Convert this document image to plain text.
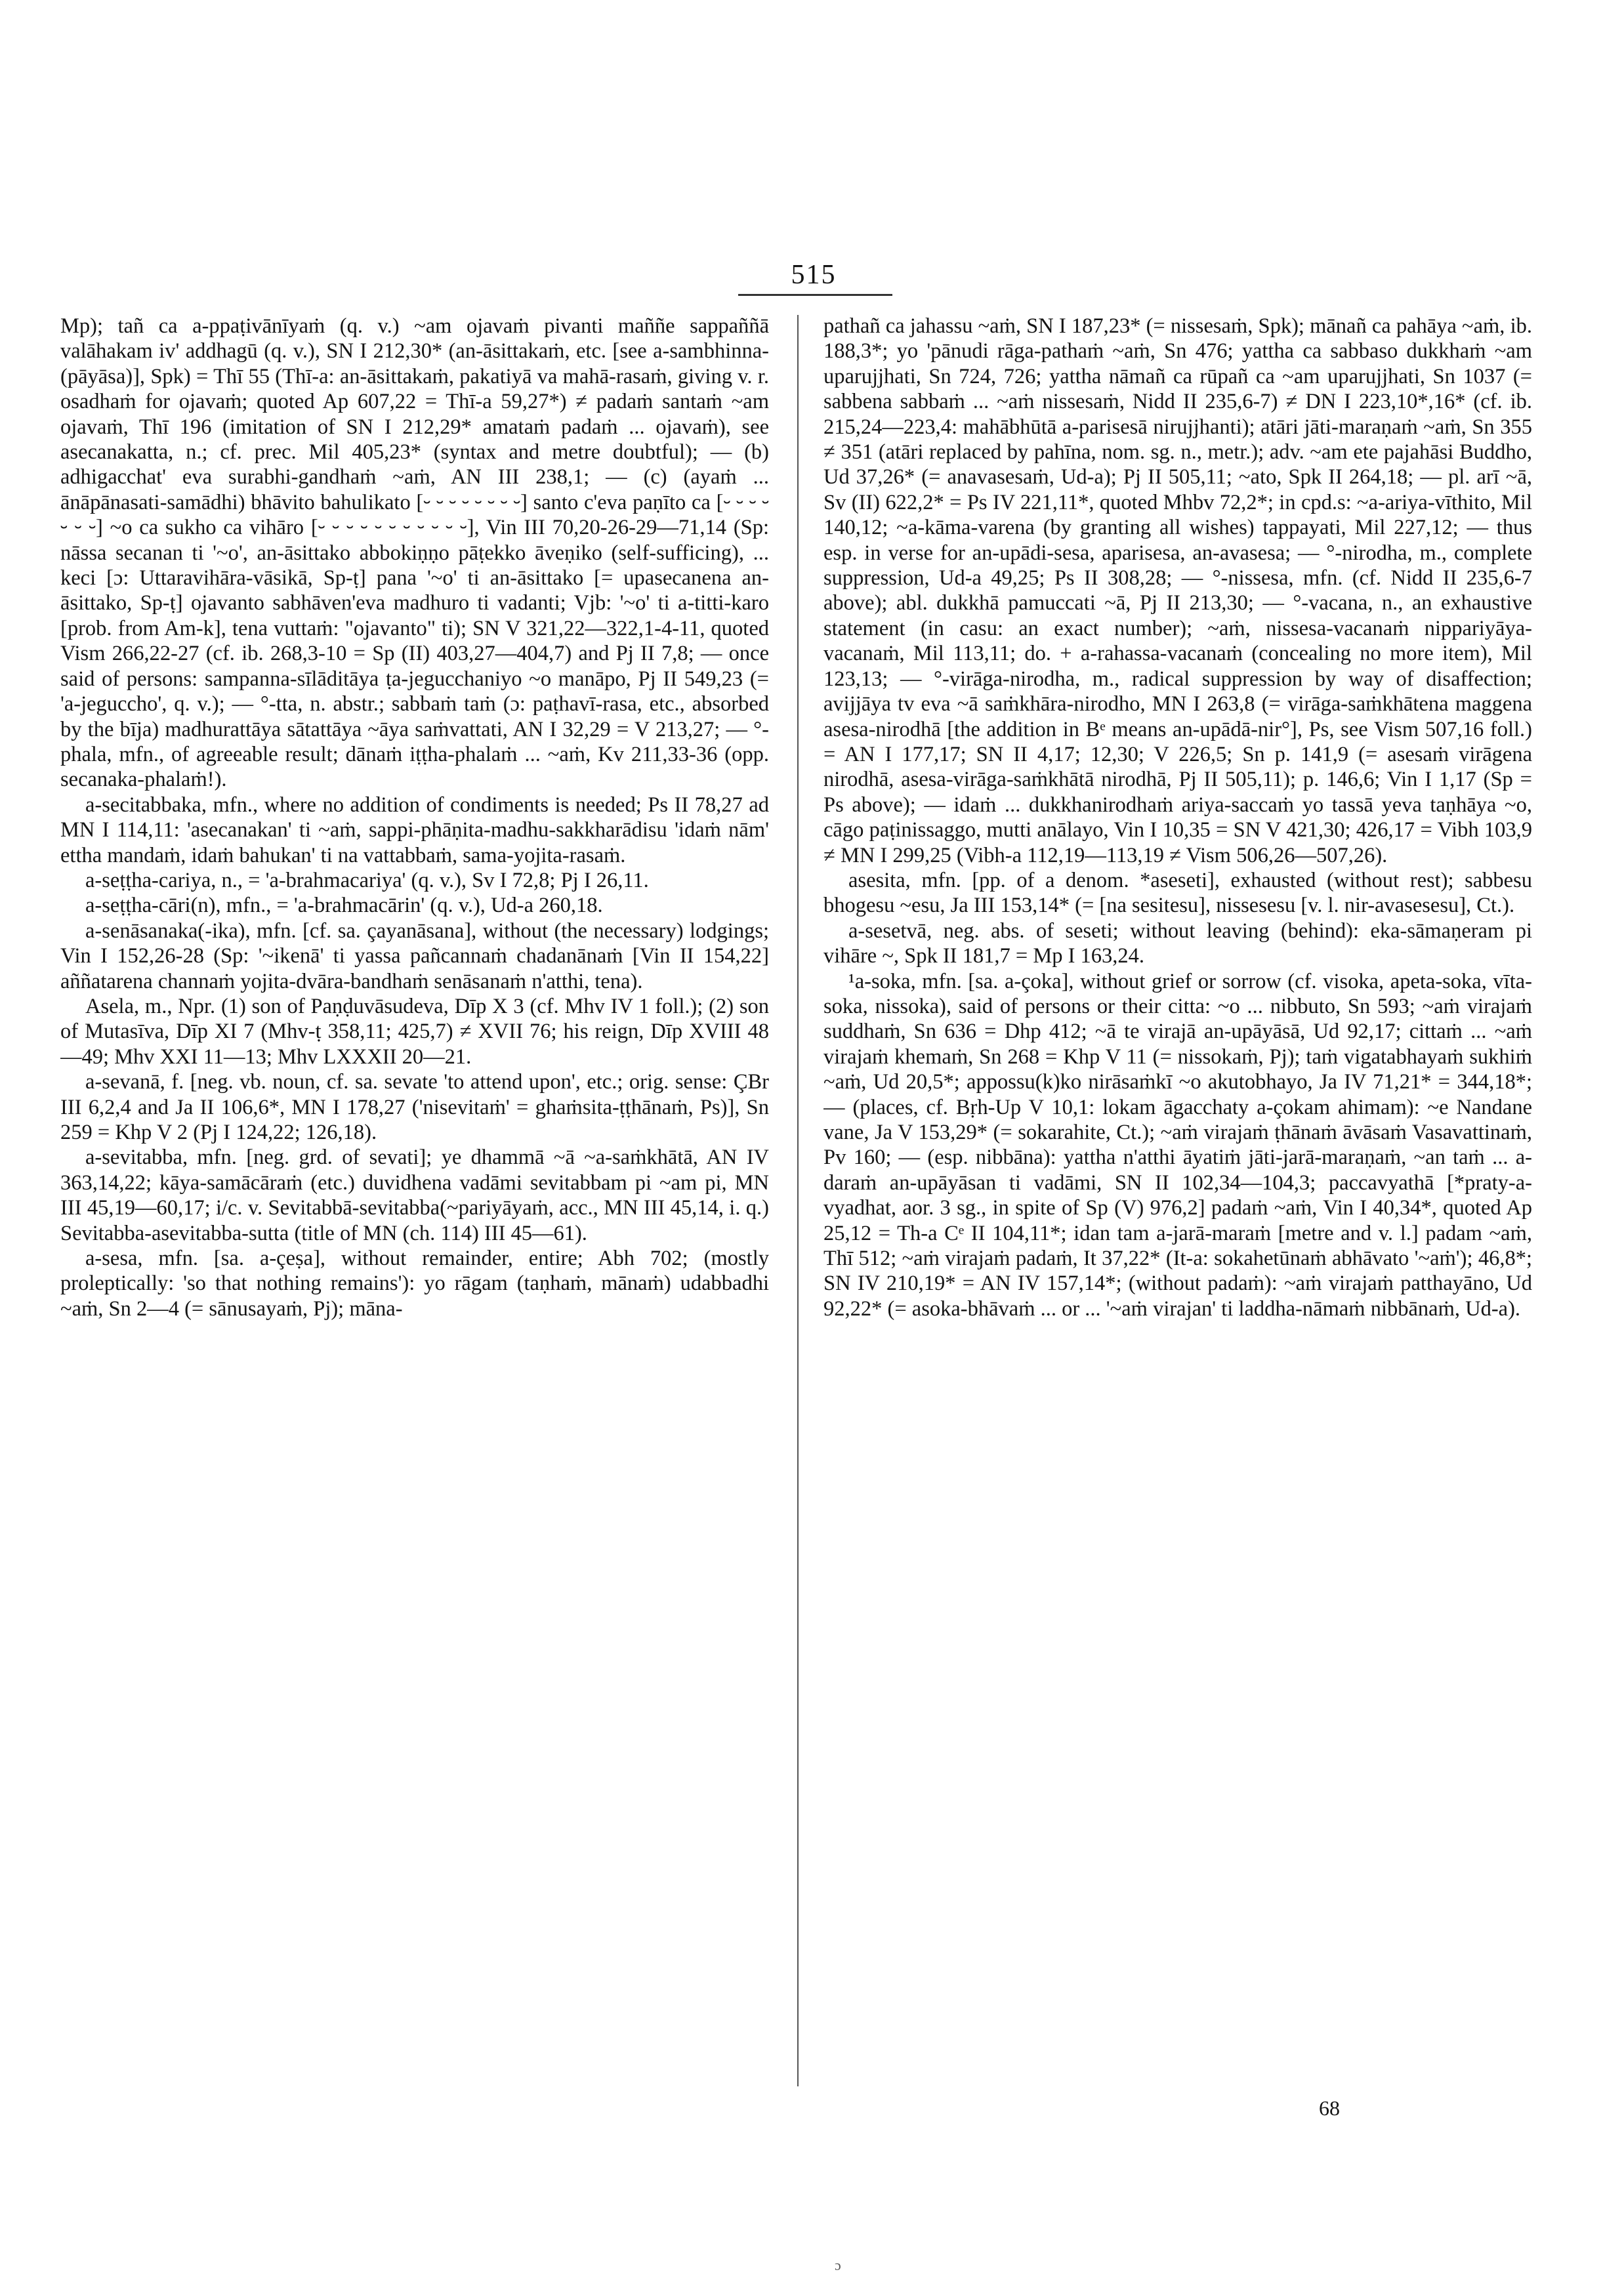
515

Mp); tañ ca a-ppaṭivānīyaṁ (q. v.) ~am ojavaṁ pivanti maññe sappaññā valāhakam iv' addhagū (q. v.), SN I 212,30* (an-āsittakaṁ, etc. [see a-sambhinna-(pāyāsa)], Spk) = Thī 55 (Thī-a: an-āsittakaṁ, pakatiyā va mahā-rasaṁ, giving v. r. osadhaṁ for ojavaṁ; quoted Ap 607,22 = Thī-a 59,27*) ≠ padaṁ santaṁ ~am ojavaṁ, Thī 196 (imitation of SN I 212,29* amataṁ padaṁ ... ojavaṁ), see asecanakatta, n.; cf. prec. Mil 405,23* (syntax and metre doubtful); — (b) adhigacchat' eva surabhi-gandhaṁ ~aṁ, AN III 238,1; — (c) (ayaṁ ... ānāpānasati-samādhi) bhāvito bahulikato [⏑ ⏑ ⏑ ⏑ ⏑ ⏑ ⏑ ⏑] santo c'eva paṇīto ca [⏑ ⏑ ⏑ ⏑ ⏑ ⏑ ⏑] ~o ca sukho ca vihāro [⏑ ⏑ ⏑ ⏑ ⏑ ⏑ ⏑ ⏑ ⏑ ⏑ ⏑], Vin III 70,20-26-29—71,14 (Sp: nāssa secanan ti '~o', an-āsittako abbokiṇṇo pāṭekko āveṇiko (self-sufficing), ... keci [ɔ: Uttaravihāra-vāsikā, Sp-ṭ] pana '~o' ti an-āsittako [= upasecanena an-āsittako, Sp-ṭ] ojavanto sabhāven'eva madhuro ti vadanti; Vjb: '~o' ti a-titti-karo [prob. from Am-k], tena vuttaṁ: "ojavanto" ti); SN V 321,22—322,1-4-11, quoted Vism 266,22-27 (cf. ib. 268,3-10 = Sp (II) 403,27—404,7) and Pj II 7,8; — once said of persons: sampanna-sīlāditāya ṭa-jegucchaniyo ~o manāpo, Pj II 549,23 (= 'a-jegucchо', q. v.); — °-tta, n. abstr.; sabbaṁ taṁ (ɔ: paṭhavī-rasa, etc., absorbed by the bīja) madhurattāya sātattāya ~āya saṁvattati, AN I 32,29 = V 213,27; — °-phala, mfn., of agreeable result; dānaṁ iṭṭha-phalaṁ ... ~aṁ, Kv 211,33-36 (opp. secanaka-phalaṁ!).

a-secitabbaka, mfn., where no addition of condiments is needed; Ps II 78,27 ad MN I 114,11: 'asecanakan' ti ~aṁ, sappi-phāṇita-madhu-sakkharādisu 'idaṁ nām' ettha mandaṁ, idaṁ bahukan' ti na vattabbaṁ, sama-yojita-rasaṁ.

a-seṭṭha-cariya, n., = 'a-brahmacariya' (q. v.), Sv I 72,8; Pj I 26,11.

a-seṭṭha-cāri(n), mfn., = 'a-brahmacārin' (q. v.), Ud-a 260,18.

a-senāsanaka(-ika), mfn. [cf. sa. çayanāsana], without (the necessary) lodgings; Vin I 152,26-28 (Sp: '~ikenā' ti yassa pañcannaṁ chadanānaṁ [Vin II 154,22] aññatarena channaṁ yojita-dvāra-bandhaṁ senāsanaṁ n'atthi, tena).

Asela, m., Npr. (1) son of Paṇḍuvāsudeva, Dīp X 3 (cf. Mhv IV 1 foll.); (2) son of Mutasīva, Dīp XI 7 (Mhv-ṭ 358,11; 425,7) ≠ XVII 76; his reign, Dīp XVIII 48—49; Mhv XXI 11—13; Mhv LXXXII 20—21.

a-sevanā, f. [neg. vb. noun, cf. sa. sevate 'to attend upon', etc.; orig. sense: ÇBr III 6,2,4 and Ja II 106,6*, MN I 178,27 ('nisevitaṁ' = ghaṁsita-ṭṭhānaṁ, Ps)], Sn 259 = Khp V 2 (Pj I 124,22; 126,18).

a-sevitabba, mfn. [neg. grd. of sevati]; ye dhammā ~ā ~a-saṁkhātā, AN IV 363,14,22; kāya-samācāraṁ (etc.) duvidhena vadāmi sevitabbam pi ~am pi, MN III 45,19—60,17; i/c. v. Sevitabbā-sevitabba(~pariyāyaṁ, acc., MN III 45,14, i. q.) Sevitabba-asevitabba-sutta (title of MN (ch. 114) III 45—61).

a-sesa, mfn. [sa. a-çeṣa], without remainder, entire; Abh 702; (mostly proleptically: 'so that nothing remains'): yo rāgam (taṇhaṁ, mānaṁ) udabbadhi ~aṁ, Sn 2—4 (= sānusayaṁ, Pj); māna-

pathañ ca jahassu ~aṁ, SN I 187,23* (= nissesaṁ, Spk); mānañ ca pahāya ~aṁ, ib. 188,3*; yo 'pānudi rāga-pathaṁ ~aṁ, Sn 476; yattha ca sabbaso dukkhaṁ ~am uparujjhati, Sn 724, 726; yattha nāmañ ca rūpañ ca ~am uparujjhati, Sn 1037 (= sabbena sabbaṁ ... ~aṁ nissesaṁ, Nidd II 235,6-7) ≠ DN I 223,10*,16* (cf. ib. 215,24—223,4: mahābhūtā a-parisesā nirujjhanti); atāri jāti-maraṇaṁ ~aṁ, Sn 355 ≠ 351 (atāri replaced by pahīna, nom. sg. n., metr.); adv. ~am ete pajahāsi Buddho, Ud 37,26* (= anavasesaṁ, Ud-a); Pj II 505,11; ~ato, Spk II 264,18; — pl. arī ~ā, Sv (II) 622,2* = Ps IV 221,11*, quoted Mhbv 72,2*; in cpd.s: ~a-ariya-vīthito, Mil 140,12; ~a-kāma-varena (by granting all wishes) tappayati, Mil 227,12; — thus esp. in verse for an-upādi-sesa, aparisesa, an-avasesa; — °-nirodha, m., complete suppression, Ud-a 49,25; Ps II 308,28; — °-nissesa, mfn. (cf. Nidd II 235,6-7 above); abl. dukkhā pamuccati ~ā, Pj II 213,30; — °-vacana, n., an exhaustive statement (in casu: an exact number); ~aṁ, nissesa-vacanaṁ nippariyāya-vacanaṁ, Mil 113,11; do. + a-rahassa-vacanaṁ (concealing no more item), Mil 123,13; — °-virāga-nirodha, m., radical suppression by way of disaffection; avijjāya tv eva ~ā saṁkhāra-nirodho, MN I 263,8 (= virāga-saṁkhātena maggena asesa-nirodhā [the addition in Bᵉ means an-upādā-nir°], Ps, see Vism 507,16 foll.) = AN I 177,17; SN II 4,17; 12,30; V 226,5; Sn p. 141,9 (= asesaṁ virāgena nirodhā, asesa-virāga-saṁkhātā nirodhā, Pj II 505,11); p. 146,6; Vin I 1,17 (Sp = Ps above); — idaṁ ... dukkhanirodhaṁ ariya-saccaṁ yo tassā yeva taṇhāya ~o, cāgo paṭinissaggo, mutti anālayo, Vin I 10,35 = SN V 421,30; 426,17 = Vibh 103,9 ≠ MN I 299,25 (Vibh-a 112,19—113,19 ≠ Vism 506,26—507,26).

asesita, mfn. [pp. of a denom. *aseseti], exhausted (without rest); sabbesu bhogesu ~esu, Ja III 153,14* (= [na sesitesu], nissesesu [v. l. nir-avasesesu], Ct.).

a-sesetvā, neg. abs. of seseti; without leaving (behind): eka-sāmaṇeram pi vihāre ~, Spk II 181,7 = Mp I 163,24.

¹a-soka, mfn. [sa. a-çoka], without grief or sorrow (cf. visoka, apeta-soka, vīta-soka, nissoka), said of persons or their citta: ~o ... nibbuto, Sn 593; ~aṁ virajaṁ suddhaṁ, Sn 636 = Dhp 412; ~ā te virajā an-upāyāsā, Ud 92,17; cittaṁ ... ~aṁ virajaṁ khemaṁ, Sn 268 = Khp V 11 (= nissokaṁ, Pj); taṁ vigatabhayaṁ sukhiṁ ~aṁ, Ud 20,5*; appossu(k)ko nirāsaṁkī ~o akutobhayo, Ja IV 71,21* = 344,18*; — (places, cf. Bṛh-Up V 10,1: lokam āgacchaty a-çokam ahimam): ~e Nandane vane, Ja V 153,29* (= sokarahite, Ct.); ~aṁ virajaṁ ṭhānaṁ āvāsaṁ Vasavattinaṁ, Pv 160; — (esp. nibbāna): yattha n'atthi āyatiṁ jāti-jarā-maraṇaṁ, ~an taṁ ... a-daraṁ an-upāyāsan ti vadāmi, SN II 102,34—104,3; paccavyathā [*praty-a-vyadhat, aor. 3 sg., in spite of Sp (V) 976,2] padaṁ ~aṁ, Vin I 40,34*, quoted Ap 25,12 = Th-a Cᵉ II 104,11*; idan tam a-jarā-maraṁ [metre and v. l.] padam ~aṁ, Thī 512; ~aṁ virajaṁ padaṁ, It 37,22* (It-a: sokahetūnaṁ abhāvato '~aṁ'); 46,8*; SN IV 210,19* = AN IV 157,14*; (without padaṁ): ~aṁ virajaṁ patthayāno, Ud 92,22* (= asoka-bhāvaṁ ... or ... '~aṁ virajan' ti laddha-nāmaṁ nibbānaṁ, Ud-a).

68
ɔ
